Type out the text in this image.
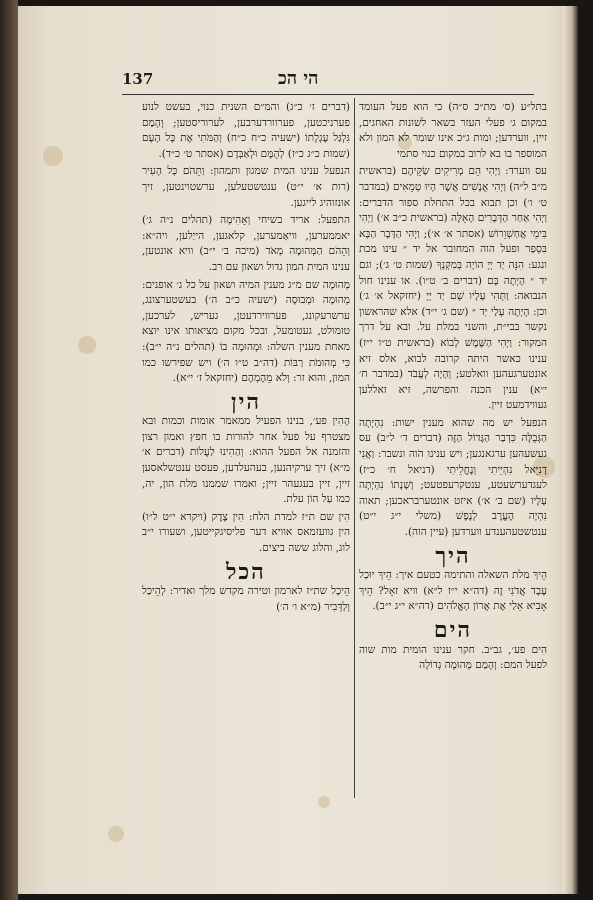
137	הי הכ

בתל״ע (ס׳ מת״כ ס״ה) כי הוא פעל העומד במקום ג׳ פעלי העזר בשאר לשונות האחגים, זיין, ווערדען; ומות ג״כ אינו שומר לא המון ולא המוספר בו בא לרוב במקום כנוי סתמי

עס ווערד: וַיְהִי הֵם מְרִיקִים שַׂקֵּיהֶם (בראשית מ״ב ל״ה) וַיְהִי אֲנָשִׁים אֲשֶׁר הָיוּ טְמֵאִים (במדבר ט׳ ו׳) וכן תבוא בכל התחלת ספור הדברים: וַיְהִי אַחַר הַדְּבָרִים הָאֵלֶּה (בראשית כ״ב א׳) וַיְהִי בִּימֵי אֲחַשְׁוֵרוֹשׁ (אסתר א׳ א׳); וַיְהִי הַדָּבָר הַבָּא בִּסְפַר ופעל הוה המחובר אל יד ״ עינו מכת ונגע: הִנֵּה יַד יְיָ הוֹיָה בְּמִקְנְךָ (שמות ט׳ ג׳); וגם יד ״ הָיְתָה בָּם (דברים ב׳ ט״ו). או ענינו חול הנבואה: וַתְּהִי עָלָיו שָׁם יַד יְיָ (יחזקאל א׳ ג׳) וכן: הָיְתָה עָלַי יַד ״ (שם ג׳ י״ד) אלא שהראשון נקשר בבי״ת, והשני במלת על. ובא על דרך המקור: וַיְהִי הַשֶּׁמֶשׁ לָבוֹא (בראשית ט״ו י״ז) ענינו כאשר היתה קרובה לבוא, אלס זיא אונטערגעהען וואלטע; וְהָיָה לְעֲבֹד (במדבר ח׳ י״א) ענין הכנה והפרשה, זיא זאללען געווידמעט זיין.

הנפעל יש מה שהוא מענין ישות: נִהְיְתָה הַגְּבֻלָּה כִּדְבַר הַגָּדוֹל הַזֶּה (דברים ד׳ ל״ב) עס געשעהען ערגאנגען; ויש ענינו הֹוה ונשבר: וַאֲנִי דָנִיֵּאל נִהְיֵיתִי וְנֶחֱלֵיתִי (דניאל ח׳ כ״ז) לעגדערשעטע, ענטקרעפטעט; וְשָׁנָתוֹ נִהְיְתָה עָלָיו (שם ב׳ א׳) איזט אונטערבראכען; תאוה נִהְיָה הֶעֱרֶב לְנֶפֶשׁ (משלי י״ג י״ט) ענטשטעהענדע ווערדען (עיין הוה).

היך

הֵיךְ מלת השאלה והתימה כטעם איך: הֵיךְ יוּכַל עֶבֶד אֲדֹנִי זֶה (דה״א י״ז ל״א) וויא זאָל? הֵיךְ אָבִיא אֵלַי אֶת אֲרוֹן הָאֱלֹהִים (דה״א י״ג י״ב).

הים

הִים פע׳, גב״ב. חקר ענינו הומית מות שוה לפעל המם: וְהָמַם מְהוּמָה גְדוֹלָה

(דברים ז׳ כ״ג) והמ״ם השנית כנוי, בעשט לנוע פערניכטען, פערוורדערבען, לערוריסטען; וְהָמַם גִּלְגַּל עֶגְלָתוֹ (ישעיה כ״ח כ״ח) וְהַמֹּתִי אֶת כָּל הָעָם (שמות כ״ג כ״ז) לְהֻמָּם וּלְאַבְּדָם (אסתר ט׳ כ״ד).

הנפעל ענינו המית שמגון ותמהון: וַתֵּהֹם כָּל הָעִיר (רות א׳ י״ט) ענטשטעלען, ערשטוינטען, זיך אונזוהיג לייגען.

התפעל: אריד בשיחי וְאָהִימָה (תהלים נ״ה ג׳) יאממערען, וויאַמערען, קלאגען, הייַלען, ויה״א: וְהֵהֹם הַמְּהוּמָה מְאֹד (מיכה ב׳ י״ב) וויא אונטען, ענינו המית המון גדול ושאון עם רב.

מְהוּמָה שם מ״ג מענין המיה ושאון על כל ג׳ אופנים: מְהוּמָה וּמְבוּסָה (ישעיה כ״ב ה׳) בעשטערצונג, ערשרעקונג, פערווירדעטן, געריש, לערכען, טומולט, געטומעל, ובכל מקום מציאותו אינו יוצא מאחת מענין השלה: וּמְהוּמָה בוֹ (תהלים נ״ה י״ב): כִּי מְהוּמֹת רַבּוֹת (דה״ב ט״ו ה׳) ויש שפירשו כמו המון, והוא זר: וְלֹא מֵהֶמְהֶם (יחזקאל ז׳ י״א).

הין

הָהִין פע׳, בנינו הפעיל ממאמר אומות וכמות ובא מצטרף על פעל אחר להורות בו חפץ ואמון רצון והזמנה אל הפעל ההוא: וְהַהִינוּ לַעֲלוֹת (דברים א׳ מ״א) זיך ערקיהנען, בעהעלדען, פעסט ענטשלאסען זיין, זיין בעגעהר זיין; ואמרו שממנו מלת הון, יה, כמו עַל הוֹן עלת.

הִין שם ת״ז למדת הלח: הִין צֶדֶק (ויקרא י״ט ל״ו) הין גוועזמאס אוויא דער פליסיגקייטען, ושעורו י״ב לוג, והלוג ששה ביצים.

הכל

הֵיכָל שת״ז לארמון וטירה מקדש מלך ואדיר: לְהֵיכַל וְלַדְּבִיר (מ״א ו׳ ה׳)
